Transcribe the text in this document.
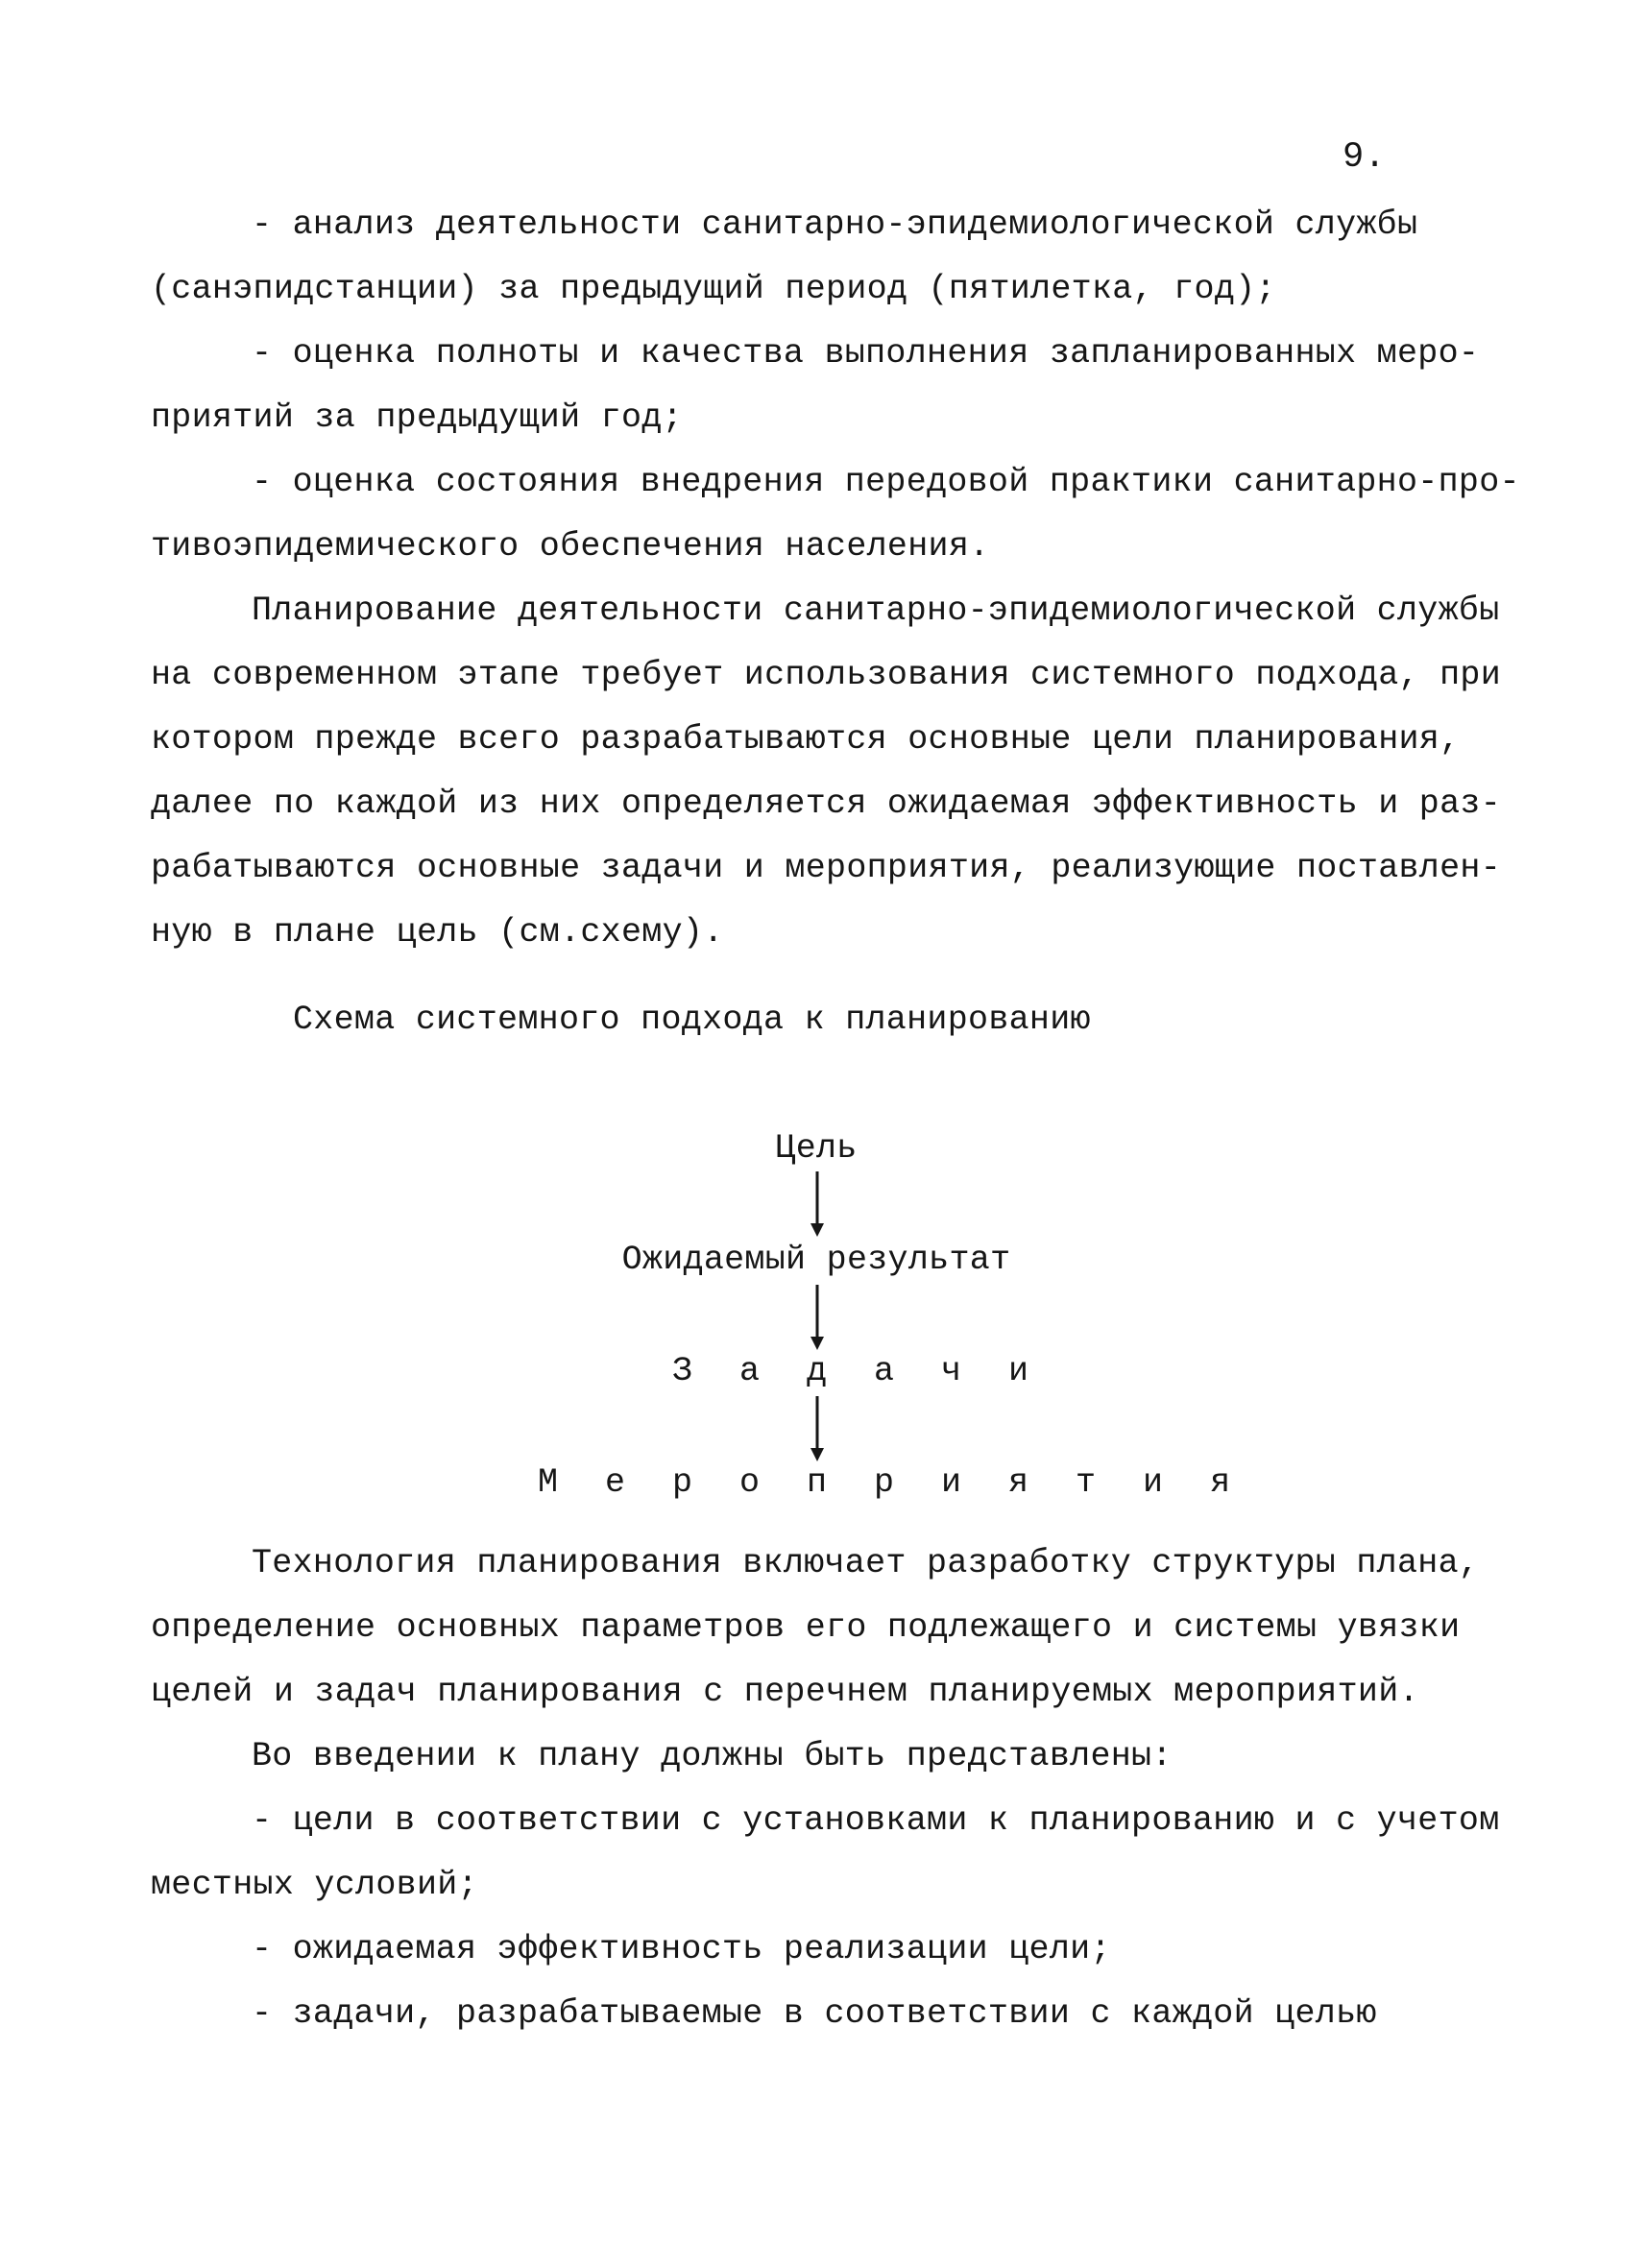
9.
- анализ деятельности санитарно-эпидемиологической службы
(санэпидстанции) за предыдущий период (пятилетка, год);
- оценка полноты и качества выполнения запланированных меро-
приятий за предыдущий год;
- оценка состояния внедрения передовой практики санитарно-про-
тивоэпидемического обеспечения населения.
Планирование деятельности санитарно-эпидемиологической службы
на современном этапе требует использования системного подхода, при
котором прежде всего разрабатываются основные цели планирования,
далее по каждой из них определяется ожидаемая эффективность и раз-
рабатываются основные задачи и мероприятия, реализующие поставлен-
ную в плане цель (см.схему).
Схема системного подхода к планированию
Цель
Ожидаемый результат
З а д а ч и
М е р о п р и я т и я
Технология планирования включает разработку структуры плана,
определение основных параметров его подлежащего и системы увязки
целей и задач планирования с перечнем планируемых мероприятий.
Во введении к плану должны быть представлены:
- цели в соответствии с установками к планированию и с учетом
местных условий;
- ожидаемая эффективность реализации цели;
- задачи, разрабатываемые в соответствии с каждой целью
